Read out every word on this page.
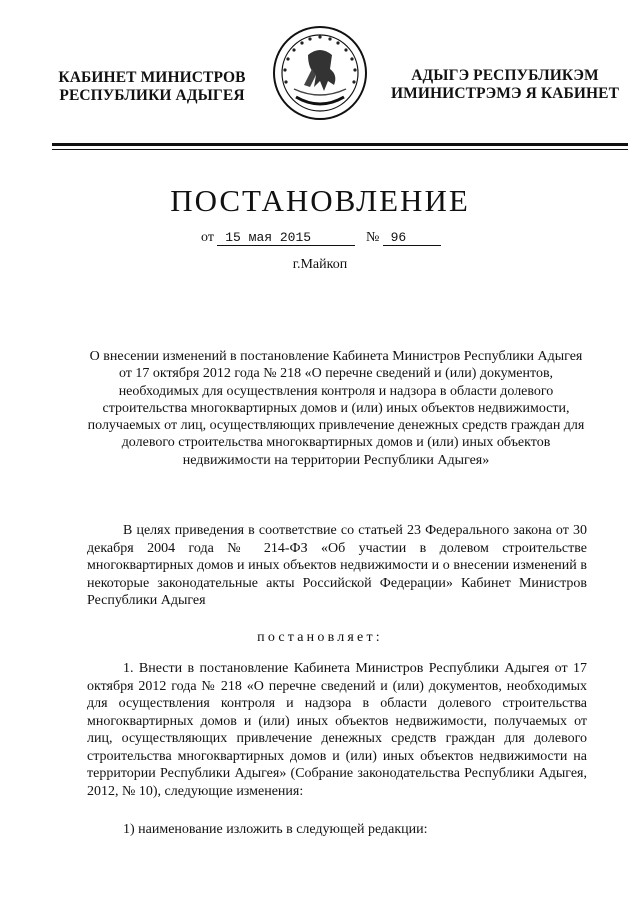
КАБИНЕТ МИНИСТРОВ
РЕСПУБЛИКИ АДЫГЕЯ
АДЫГЭ РЕСПУБЛИКЭМ
ИМИНИСТРЭМЭ Я КАБИНЕТ
ПОСТАНОВЛЕНИЕ
от 15 мая 2015	№ 96
г.Майкоп
О внесении изменений в постановление Кабинета Министров Республики Адыгея от 17 октября 2012 года № 218 «О перечне сведений и (или) документов, необходимых для осуществления контроля и надзора в области долевого строительства многоквартирных домов и (или) иных объектов недвижимости, получаемых от лиц, осуществляющих привлечение денежных средств граждан для долевого строительства многоквартирных домов и (или) иных объектов недвижимости на территории Республики Адыгея»
В целях приведения в соответствие со статьей 23 Федерального закона от 30 декабря 2004 года № 214-ФЗ «Об участии в долевом строительстве многоквартирных домов и иных объектов недвижимости и о внесении изменений в некоторые законодательные акты Российской Федерации» Кабинет Министров Республики Адыгея
постановляет:
1. Внести в постановление Кабинета Министров Республики Адыгея от 17 октября 2012 года № 218 «О перечне сведений и (или) документов, необходимых для осуществления контроля и надзора в области долевого строительства многоквартирных домов и (или) иных объектов недвижимости, получаемых от лиц, осуществляющих привлечение денежных средств граждан для долевого строительства многоквартирных домов и (или) иных объектов недвижимости на территории Республики Адыгея» (Собрание законодательства Республики Адыгея, 2012, № 10), следующие изменения:
1) наименование изложить в следующей редакции:
